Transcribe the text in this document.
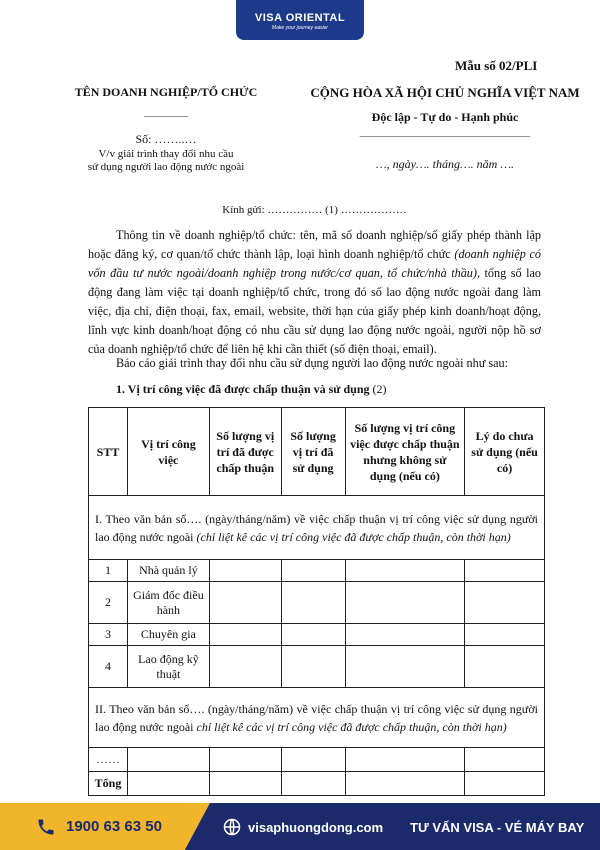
VISA ORIENTAL
Make your journey easier
Mẫu số 02/PLI
TÊN DOANH NGHIỆP/TỔ CHỨC
________
Số: ……..…
V/v giải trình thay đổi nhu cầu
sử dụng người lao động nước ngoài
CỘNG HÒA XÃ HỘI CHỦ NGHĨA VIỆT NAM
Độc lập - Tự do - Hạnh phúc
_______________________________
…, ngày…. tháng…. năm ….
Kính gửi: …………… (1) ………………

Thông tin về doanh nghiệp/tổ chức: tên, mã số doanh nghiệp/số giấy phép thành lập hoặc đăng ký, cơ quan/tổ chức thành lập, loại hình doanh nghiệp/tổ chức (doanh nghiệp có vốn đầu tư nước ngoài/doanh nghiệp trong nước/cơ quan, tổ chức/nhà thầu), tổng số lao động đang làm việc tại doanh nghiệp/tổ chức, trong đó số lao động nước ngoài đang làm việc, địa chỉ, điện thoại, fax, email, website, thời hạn của giấy phép kinh doanh/hoạt động, lĩnh vực kinh doanh/hoạt động có nhu cầu sử dụng lao động nước ngoài, người nộp hồ sơ của doanh nghiệp/tổ chức để liên hệ khi cần thiết (số điện thoại, email).

Báo cáo giải trình thay đổi nhu cầu sử dụng người lao động nước ngoài như sau:

1. Vị trí công việc đã được chấp thuận và sử dụng (2)
STT	Vị trí công việc	Số lượng vị trí đã được chấp thuận	Số lượng vị trí đã sử dụng	Số lượng vị trí công việc được chấp thuận nhưng không sử dụng (nếu có)	Lý do chưa sử dụng (nếu có)
I. Theo văn bản số…. (ngày/tháng/năm) về việc chấp thuận vị trí công việc sử dụng người lao động nước ngoài (chỉ liệt kê các vị trí công việc đã được chấp thuận, còn thời hạn)					
1	Nhà quản lý				
2	Giám đốc điều hành				
3	Chuyên gia				
4	Lao động kỹ thuật				
II. Theo văn bản số…. (ngày/tháng/năm) về việc chấp thuận vị trí công việc sử dụng người lao động nước ngoài chỉ liệt kê các vị trí công việc đã được chấp thuận, còn thời hạn)					
……					
Tổng					
1900 63 63 50	visaphuongdong.com TƯ VẤN VISA - VÉ MÁY BAY
